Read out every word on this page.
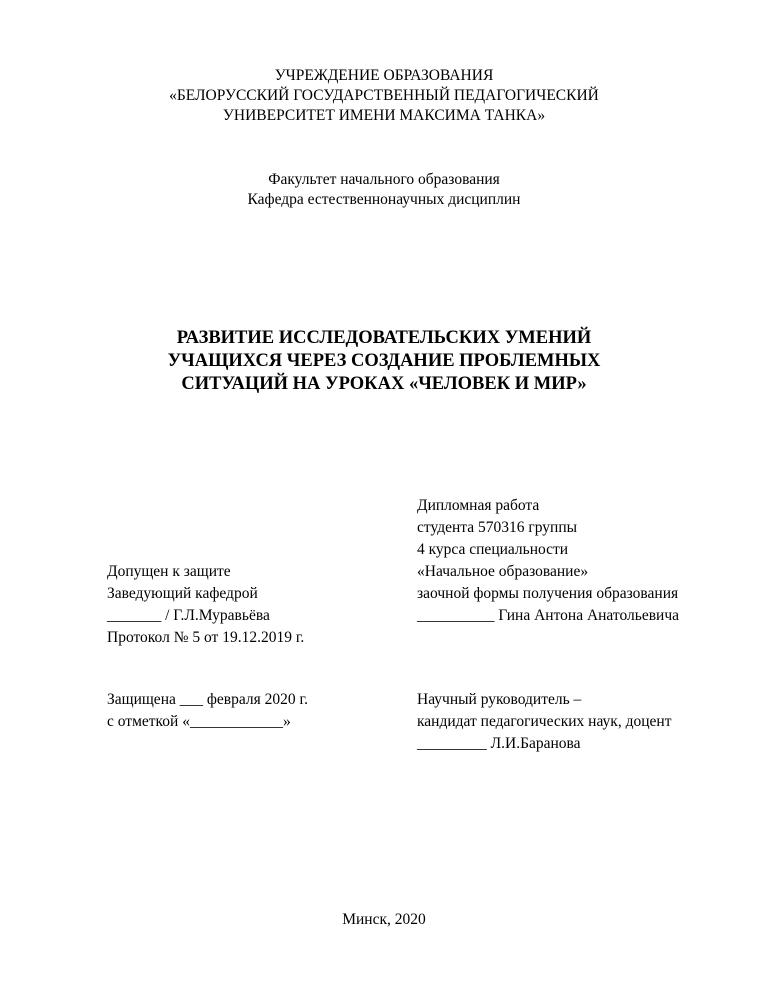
УЧРЕЖДЕНИЕ ОБРАЗОВАНИЯ
«БЕЛОРУССКИЙ ГОСУДАРСТВЕННЫЙ ПЕДАГОГИЧЕСКИЙ
УНИВЕРСИТЕТ ИМЕНИ МАКСИМА ТАНКА»
Факультет начального образования
Кафедра естественнонаучных дисциплин
РАЗВИТИЕ ИССЛЕДОВАТЕЛЬСКИХ УМЕНИЙ
УЧАЩИХСЯ ЧЕРЕЗ СОЗДАНИЕ ПРОБЛЕМНЫХ
СИТУАЦИЙ НА УРОКАХ «ЧЕЛОВЕК И МИР»
Дипломная работа
студента 570316 группы
4 курса специальности
«Начальное образование»
заочной формы получения образования
__________ Гина Антона Анатольевича
Допущен к защите
Заведующий кафедрой
_______ / Г.Л.Муравьёва
Протокол № 5 от 19.12.2019 г.
Защищена ___ февраля 2020 г.
с отметкой «____________»
Научный руководитель –
кандидат педагогических наук, доцент
_________ Л.И.Баранова
Минск, 2020
